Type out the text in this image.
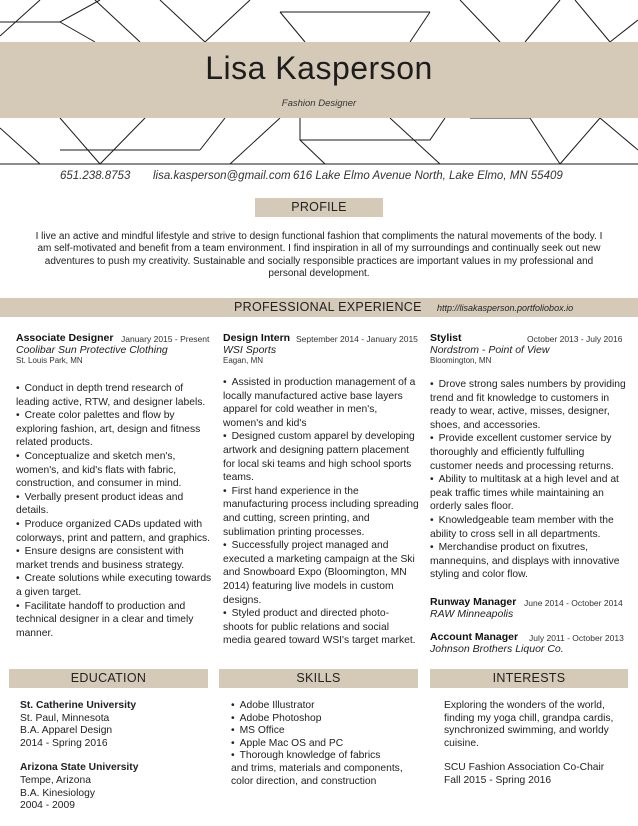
Lisa Kasperson
Fashion Designer
651.238.8753 lisa.kasperson@gmail.com 616 Lake Elmo Avenue North, Lake Elmo, MN 55409
PROFILE
I live an active and mindful lifestyle and strive to design functional fashion that compliments the natural movements of the body. I am self-motivated and benefit from a team environment. I find inspiration in all of my surroundings and continually seek out new adventures to push my creativity. Sustainable and socially responsible practices are important values in my professional and personal development.
PROFESSIONAL EXPERIENCE http://lisakasperson.portfoliobox.io
Associate Designer January 2015 - Present
Coolibar Sun Protective Clothing
St. Louis Park, MN
• Conduct in depth trend research of leading active, RTW, and designer labels.
• Create color palettes and flow by exploring fashion, art, design and fitness related products.
• Conceptualize and sketch men's, women's, and kid's flats with fabric, construction, and consumer in mind.
• Verbally present product ideas and details.
• Produce organized CADs updated with colorways, print and pattern, and graphics.
• Ensure designs are consistent with market trends and business strategy.
• Create solutions while executing towards a given target.
• Facilitate handoff to production and technical designer in a clear and timely manner.
Design Intern September 2014 - January 2015
WSI Sports
Eagan, MN
• Assisted in production management of a locally manufactured active base layers apparel for cold weather in men's, women's and kid's
• Designed custom apparel by developing artwork and designing pattern placement for local ski teams and high school sports teams.
• First hand experience in the manufacturing process including spreading and cutting, screen printing, and sublimation printing processes.
• Successfully project managed and executed a marketing campaign at the Ski and Snowboard Expo (Bloomington, MN 2014) featuring live models in custom designs.
• Styled product and directed photo-shoots for public relations and social media geared toward WSI's target market.
Stylist	October 2013 - July 2016
Nordstrom - Point of View
Bloomington, MN
• Drove strong sales numbers by providing trend and fit knowledge to customers in ready to wear, active, misses, designer, shoes, and accessories.
• Provide excellent customer service by thoroughly and efficiently fulfulling customer needs and processing returns.
• Ability to multitask at a high level and at peak traffic times while maintaining an orderly sales floor.
• Knowledgeable team member with the ability to cross sell in all departments.
• Merchandise product on fixutres, mannequins, and displays with innovative styling and color flow.
Runway Manager June 2014 - October 2014
RAW Minneapolis
Account Manager	July 2011 - October 2013
Johnson Brothers Liquor Co.
EDUCATION	SKILLS	INTERESTS
St. Catherine University
St. Paul, Minnesota
B.A. Apparel Design
2014 - Spring 2016
Arizona State University
Tempe, Arizona
B.A. Kinesiology
2004 - 2009
• Adobe Illustrator
• Adobe Photoshop
• MS Office
• Apple Mac OS and PC
• Thorough knowledge of fabrics
and trims, materials and components,
color direction, and construction
Exploring the wonders of the world,
finding my yoga chill, grandpa cardis,
synchronized swimming, and worldy
cuisine.
SCU Fashion Association Co-Chair
Fall 2015 - Spring 2016
